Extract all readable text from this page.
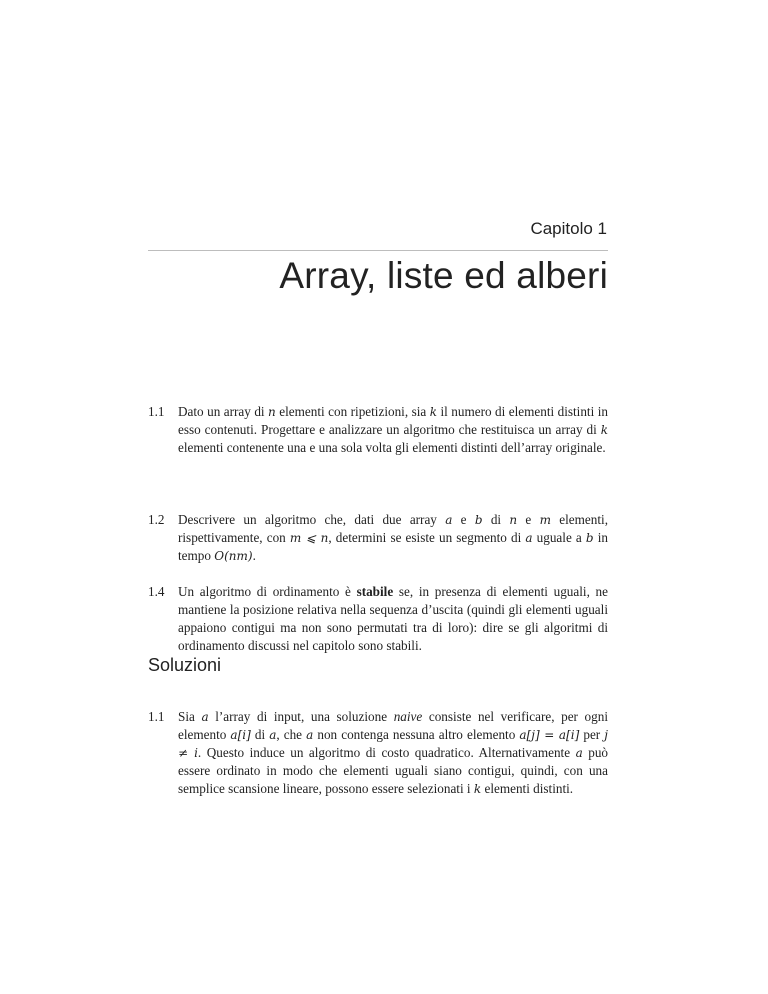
Capitolo 1
Array, liste ed alberi
1.1 Dato un array di n elementi con ripetizioni, sia k il numero di elementi distinti in esso contenuti. Progettare e analizzare un algoritmo che restituisca un array di k elementi contenente una e una sola volta gli elementi distinti dell’array originale.
1.2 Descrivere un algoritmo che, dati due array a e b di n e m elementi, rispettivamente, con m ⩽ n, determini se esiste un segmento di a uguale a b in tempo O(nm).
1.4 Un algoritmo di ordinamento è stabile se, in presenza di elementi uguali, ne mantiene la posizione relativa nella sequenza d’uscita (quindi gli elementi uguali appaiono contigui ma non sono permutati tra di loro): dire se gli algoritmi di ordinamento discussi nel capitolo sono stabili.
Soluzioni
1.1 Sia a l’array di input, una soluzione naive consiste nel verificare, per ogni elemento a[i] di a, che a non contenga nessuna altro elemento a[j] = a[i] per j ≠ i. Questo induce un algoritmo di costo quadratico. Alternativamente a può essere ordinato in modo che elementi uguali siano contigui, quindi, con una semplice scansione lineare, possono essere selezionati i k elementi distinti.
